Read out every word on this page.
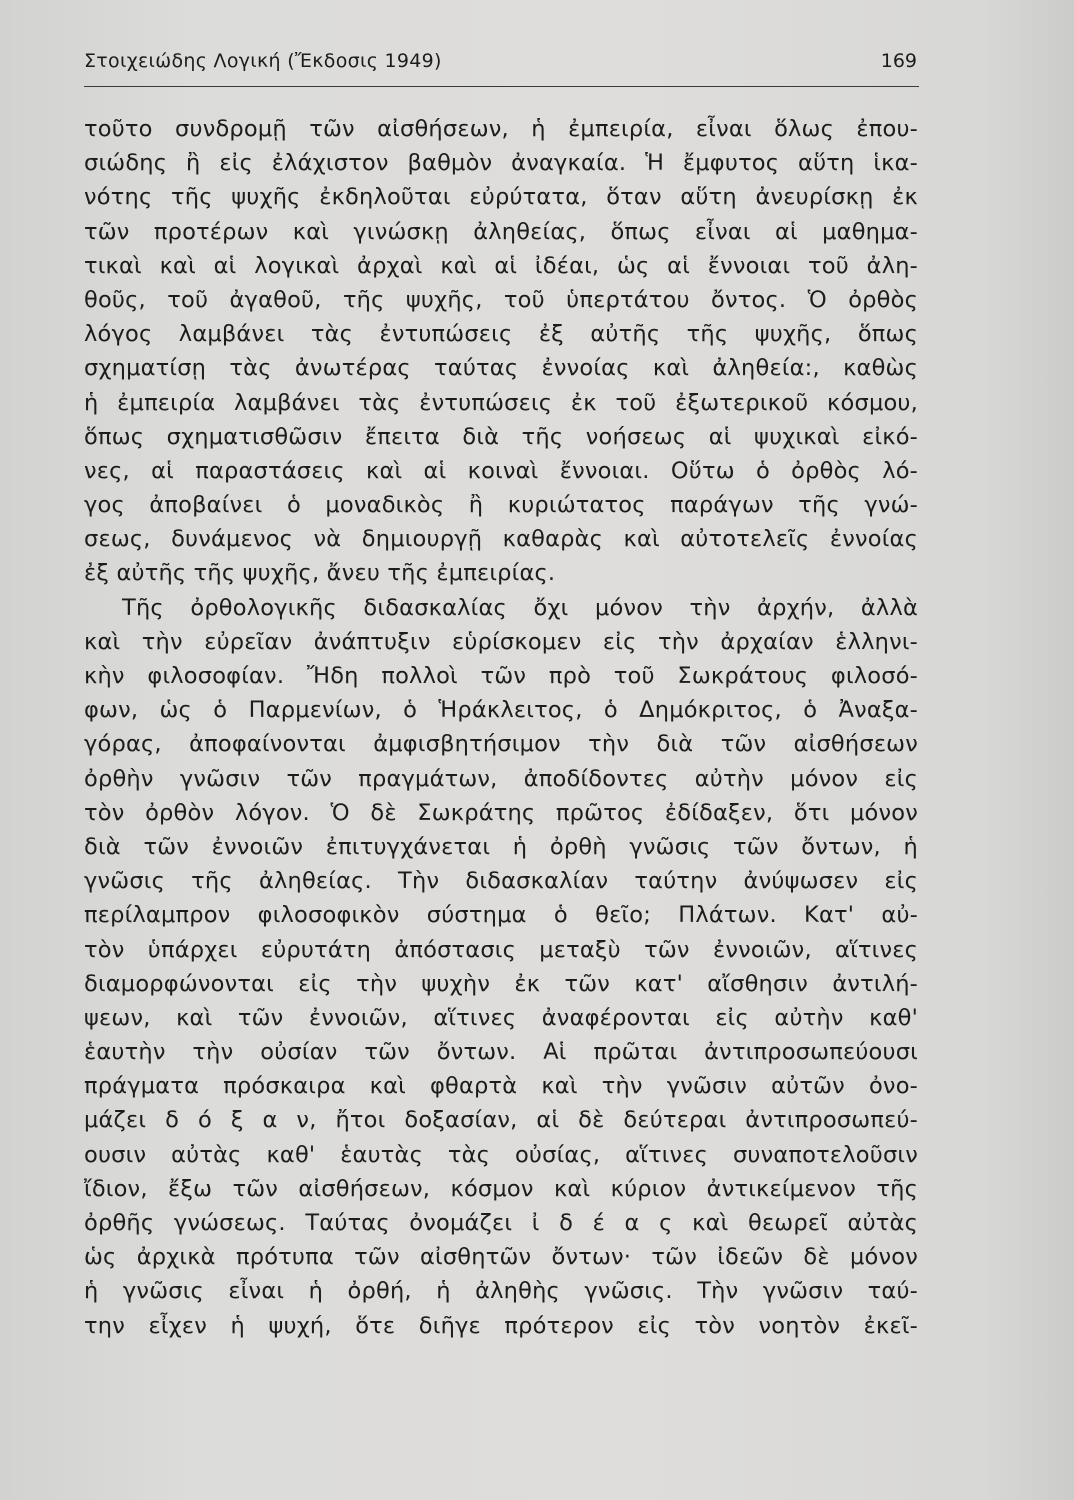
Στοιχειώδης Λογική (Ἔκδοσις 1949)	169
τοῦτο συνδρομῇ τῶν αἰσθήσεων, ἡ ἐμπειρία, εἶναι ὅλως ἐπου-
σιώδης ἢ εἰς ἐλάχιστον βαθμὸν ἀναγκαία. Ἡ ἔμφυτος αὕτη ἱκα-
νότης τῆς ψυχῆς ἐκδηλοῦται εὐρύτατα, ὅταν αὕτη ἀνευρίσκῃ ἐκ
τῶν προτέρων καὶ γινώσκῃ ἀληθείας, ὅπως εἶναι αἱ μαθημα-
τικαὶ καὶ αἱ λογικαὶ ἀρχαὶ καὶ αἱ ἰδέαι, ὡς αἱ ἔννοιαι τοῦ ἀλη-
θοῦς, τοῦ ἀγαθοῦ, τῆς ψυχῆς, τοῦ ὑπερτάτου ὄντος. Ὁ ὀρθὸς
λόγος λαμβάνει τὰς ἐντυπώσεις ἐξ αὐτῆς τῆς ψυχῆς, ὅπως
σχηματίσῃ τὰς ἀνωτέρας ταύτας ἐννοίας καὶ ἀληθεία:, καθὼς
ἡ ἐμπειρία λαμβάνει τὰς ἐντυπώσεις ἐκ τοῦ ἐξωτερικοῦ κόσμου,
ὅπως σχηματισθῶσιν ἔπειτα διὰ τῆς νοήσεως αἱ ψυχικαὶ εἰκό-
νες, αἱ παραστάσεις καὶ αἱ κοιναὶ ἔννοιαι. Οὕτω ὁ ὀρθὸς λό-
γος ἀποβαίνει ὁ μοναδικὸς ἢ κυριώτατος παράγων τῆς γνώ-
σεως, δυνάμενος νὰ δημιουργῇ καθαρὰς καὶ αὐτοτελεῖς ἐννοίας
ἐξ αὐτῆς τῆς ψυχῆς, ἄνευ τῆς ἐμπειρίας.
Τῆς ὀρθολογικῆς διδασκαλίας ὄχι μόνον τὴν ἀρχήν, ἀλλὰ
καὶ τὴν εὐρεῖαν ἀνάπτυξιν εὑρίσκομεν εἰς τὴν ἀρχαίαν ἑλληνι-
κὴν φιλοσοφίαν. Ἤδη πολλοὶ τῶν πρὸ τοῦ Σωκράτους φιλοσό-
φων, ὡς ὁ Παρμενίων, ὁ Ἡράκλειτος, ὁ Δημόκριτος, ὁ Ἀναξα-
γόρας, ἀποφαίνονται ἀμφισβητήσιμον τὴν διὰ τῶν αἰσθήσεων
ὀρθὴν γνῶσιν τῶν πραγμάτων, ἀποδίδοντες αὐτὴν μόνον εἰς
τὸν ὀρθὸν λόγον. Ὁ δὲ Σωκράτης πρῶτος ἐδίδαξεν, ὅτι μόνον
διὰ τῶν ἐννοιῶν ἐπιτυγχάνεται ἡ ὀρθὴ γνῶσις τῶν ὄντων, ἡ
γνῶσις τῆς ἀληθείας. Τὴν διδασκαλίαν ταύτην ἀνύψωσεν εἰς
περίλαμπρον φιλοσοφικὸν σύστημα ὁ θεῖο; Πλάτων. Κατ' αὐ-
τὸν ὑπάρχει εὐρυτάτη ἀπόστασις μεταξὺ τῶν ἐννοιῶν, αἵτινες
διαμορφώνονται εἰς τὴν ψυχὴν ἐκ τῶν κατ' αἴσθησιν ἀντιλή-
ψεων, καὶ τῶν ἐννοιῶν, αἵτινες ἀναφέρονται εἰς αὐτὴν καθ'
ἑαυτὴν τὴν οὐσίαν τῶν ὄντων. Αἱ πρῶται ἀντιπροσωπεύουσι
πράγματα πρόσκαιρα καὶ φθαρτὰ καὶ τὴν γνῶσιν αὐτῶν ὀνο-
μάζει δ ό ξ α ν, ἤτοι δοξασίαν, αἱ δὲ δεύτεραι ἀντιπροσωπεύ-
ουσιν αὐτὰς καθ' ἑαυτὰς τὰς οὐσίας, αἵτινες συναποτελοῦσιν
ἴδιον, ἔξω τῶν αἰσθήσεων, κόσμον καὶ κύριον ἀντικείμενον τῆς
ὀρθῆς γνώσεως. Ταύτας ὀνομάζει ἰ δ έ α ς καὶ θεωρεῖ αὐτὰς
ὡς ἀρχικὰ πρότυπα τῶν αἰσθητῶν ὄντων· τῶν ἰδεῶν δὲ μόνον
ἡ γνῶσις εἶναι ἡ ὀρθή, ἡ ἀληθὴς γνῶσις. Τὴν γνῶσιν ταύ-
την εἶχεν ἡ ψυχή, ὅτε διῆγε πρότερον εἰς τὸν νοητὸν ἐκεῖ-
